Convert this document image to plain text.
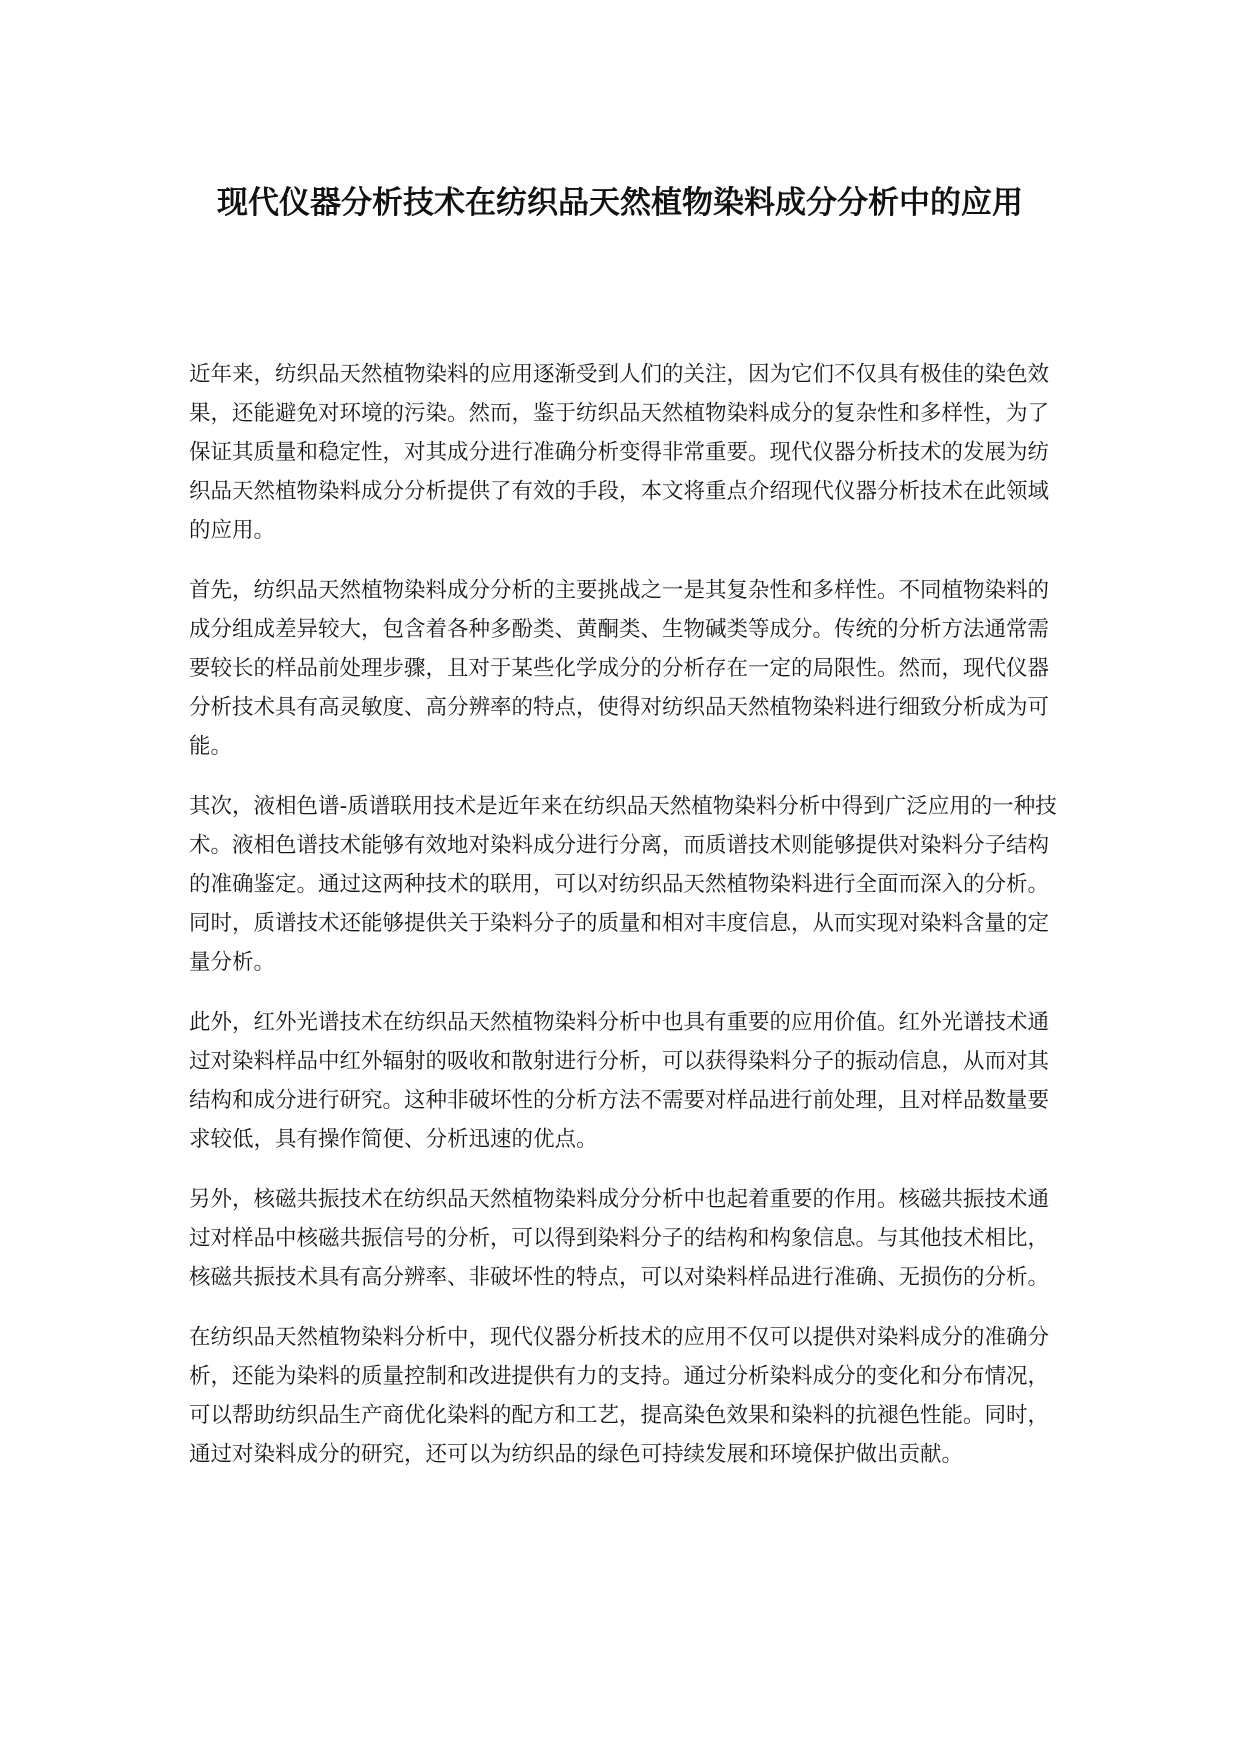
现代仪器分析技术在纺织品天然植物染料成分分析中的应用

近年来，纺织品天然植物染料的应用逐渐受到人们的关注，因为它们不仅具有极佳的染色效果，还能避免对环境的污染。然而，鉴于纺织品天然植物染料成分的复杂性和多样性，为了保证其质量和稳定性，对其成分进行准确分析变得非常重要。现代仪器分析技术的发展为纺织品天然植物染料成分分析提供了有效的手段，本文将重点介绍现代仪器分析技术在此领域的应用。

首先，纺织品天然植物染料成分分析的主要挑战之一是其复杂性和多样性。不同植物染料的成分组成差异较大，包含着各种多酚类、黄酮类、生物碱类等成分。传统的分析方法通常需要较长的样品前处理步骤，且对于某些化学成分的分析存在一定的局限性。然而，现代仪器分析技术具有高灵敏度、高分辨率的特点，使得对纺织品天然植物染料进行细致分析成为可能。

其次，液相色谱-质谱联用技术是近年来在纺织品天然植物染料分析中得到广泛应用的一种技术。液相色谱技术能够有效地对染料成分进行分离，而质谱技术则能够提供对染料分子结构的准确鉴定。通过这两种技术的联用，可以对纺织品天然植物染料进行全面而深入的分析。同时，质谱技术还能够提供关于染料分子的质量和相对丰度信息，从而实现对染料含量的定量分析。

此外，红外光谱技术在纺织品天然植物染料分析中也具有重要的应用价值。红外光谱技术通过对染料样品中红外辐射的吸收和散射进行分析，可以获得染料分子的振动信息，从而对其结构和成分进行研究。这种非破坏性的分析方法不需要对样品进行前处理，且对样品数量要求较低，具有操作简便、分析迅速的优点。

另外，核磁共振技术在纺织品天然植物染料成分分析中也起着重要的作用。核磁共振技术通过对样品中核磁共振信号的分析，可以得到染料分子的结构和构象信息。与其他技术相比，核磁共振技术具有高分辨率、非破坏性的特点，可以对染料样品进行准确、无损伤的分析。

在纺织品天然植物染料分析中，现代仪器分析技术的应用不仅可以提供对染料成分的准确分析，还能为染料的质量控制和改进提供有力的支持。通过分析染料成分的变化和分布情况，可以帮助纺织品生产商优化染料的配方和工艺，提高染色效果和染料的抗褪色性能。同时，通过对染料成分的研究，还可以为纺织品的绿色可持续发展和环境保护做出贡献。
